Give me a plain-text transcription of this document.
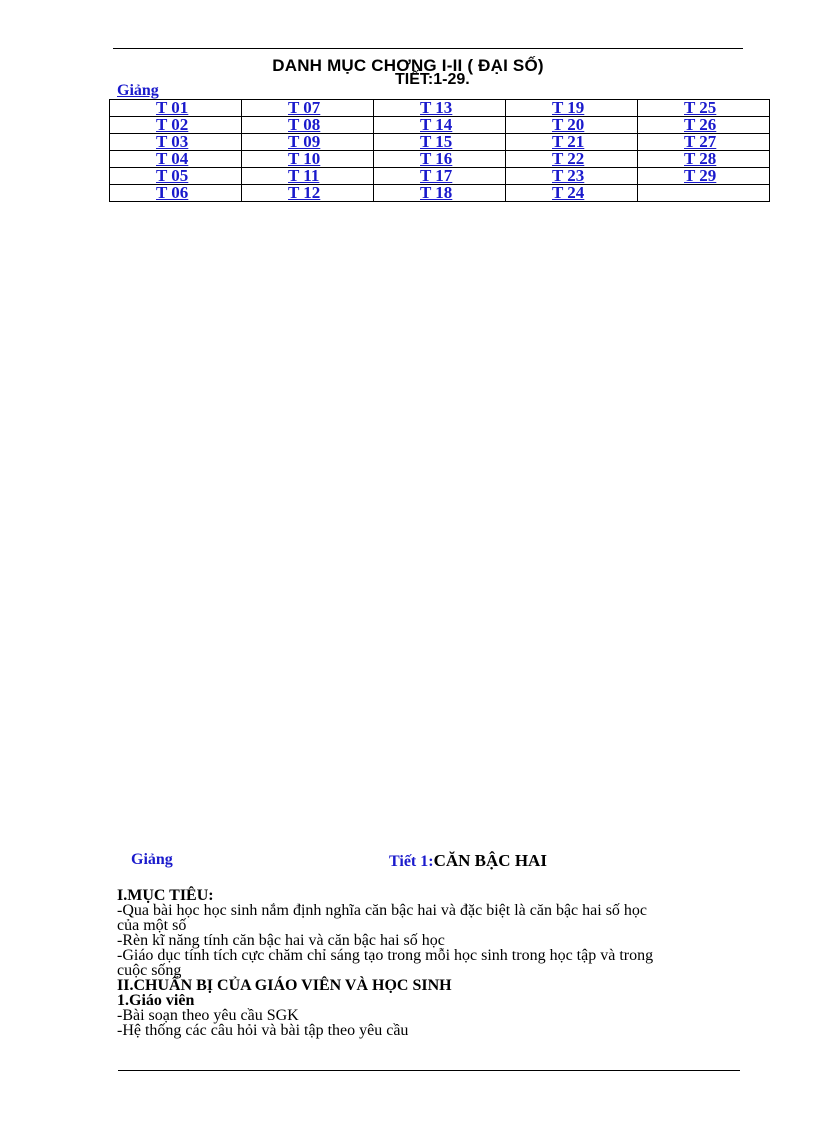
DANH MỤC CHƠNG I-II ( ĐẠI SỐ)
TIẾT:1-29.
Giảng
T 01	T 07	T 13	T 19	T 25
T 02	T 08	T 14	T 20	T 26
T 03	T 09	T 15	T 21	T 27
T 04	T 10	T 16	T 22	T 28
T 05	T 11	T 17	T 23	T 29
T 06	T 12	T 18	T 24	
Giảng	Tiết 1:CĂN BẬC HAI
I.MỤC TIÊU:
-Qua bài học học sinh nắm định nghĩa căn bậc hai và đặc biệt là căn bậc hai số học
của một số
-Rèn kĩ năng tính căn bậc hai và căn bậc hai số học
-Giáo dục tính tích cực chăm chỉ sáng tạo trong mỗi học sinh trong học tập và trong
cuộc sống
II.CHUẨN BỊ CỦA GIÁO VIÊN VÀ HỌC SINH
1.Giáo viên
-Bài soạn theo yêu cầu SGK
-Hệ thống các câu hỏi và bài tập theo yêu cầu
